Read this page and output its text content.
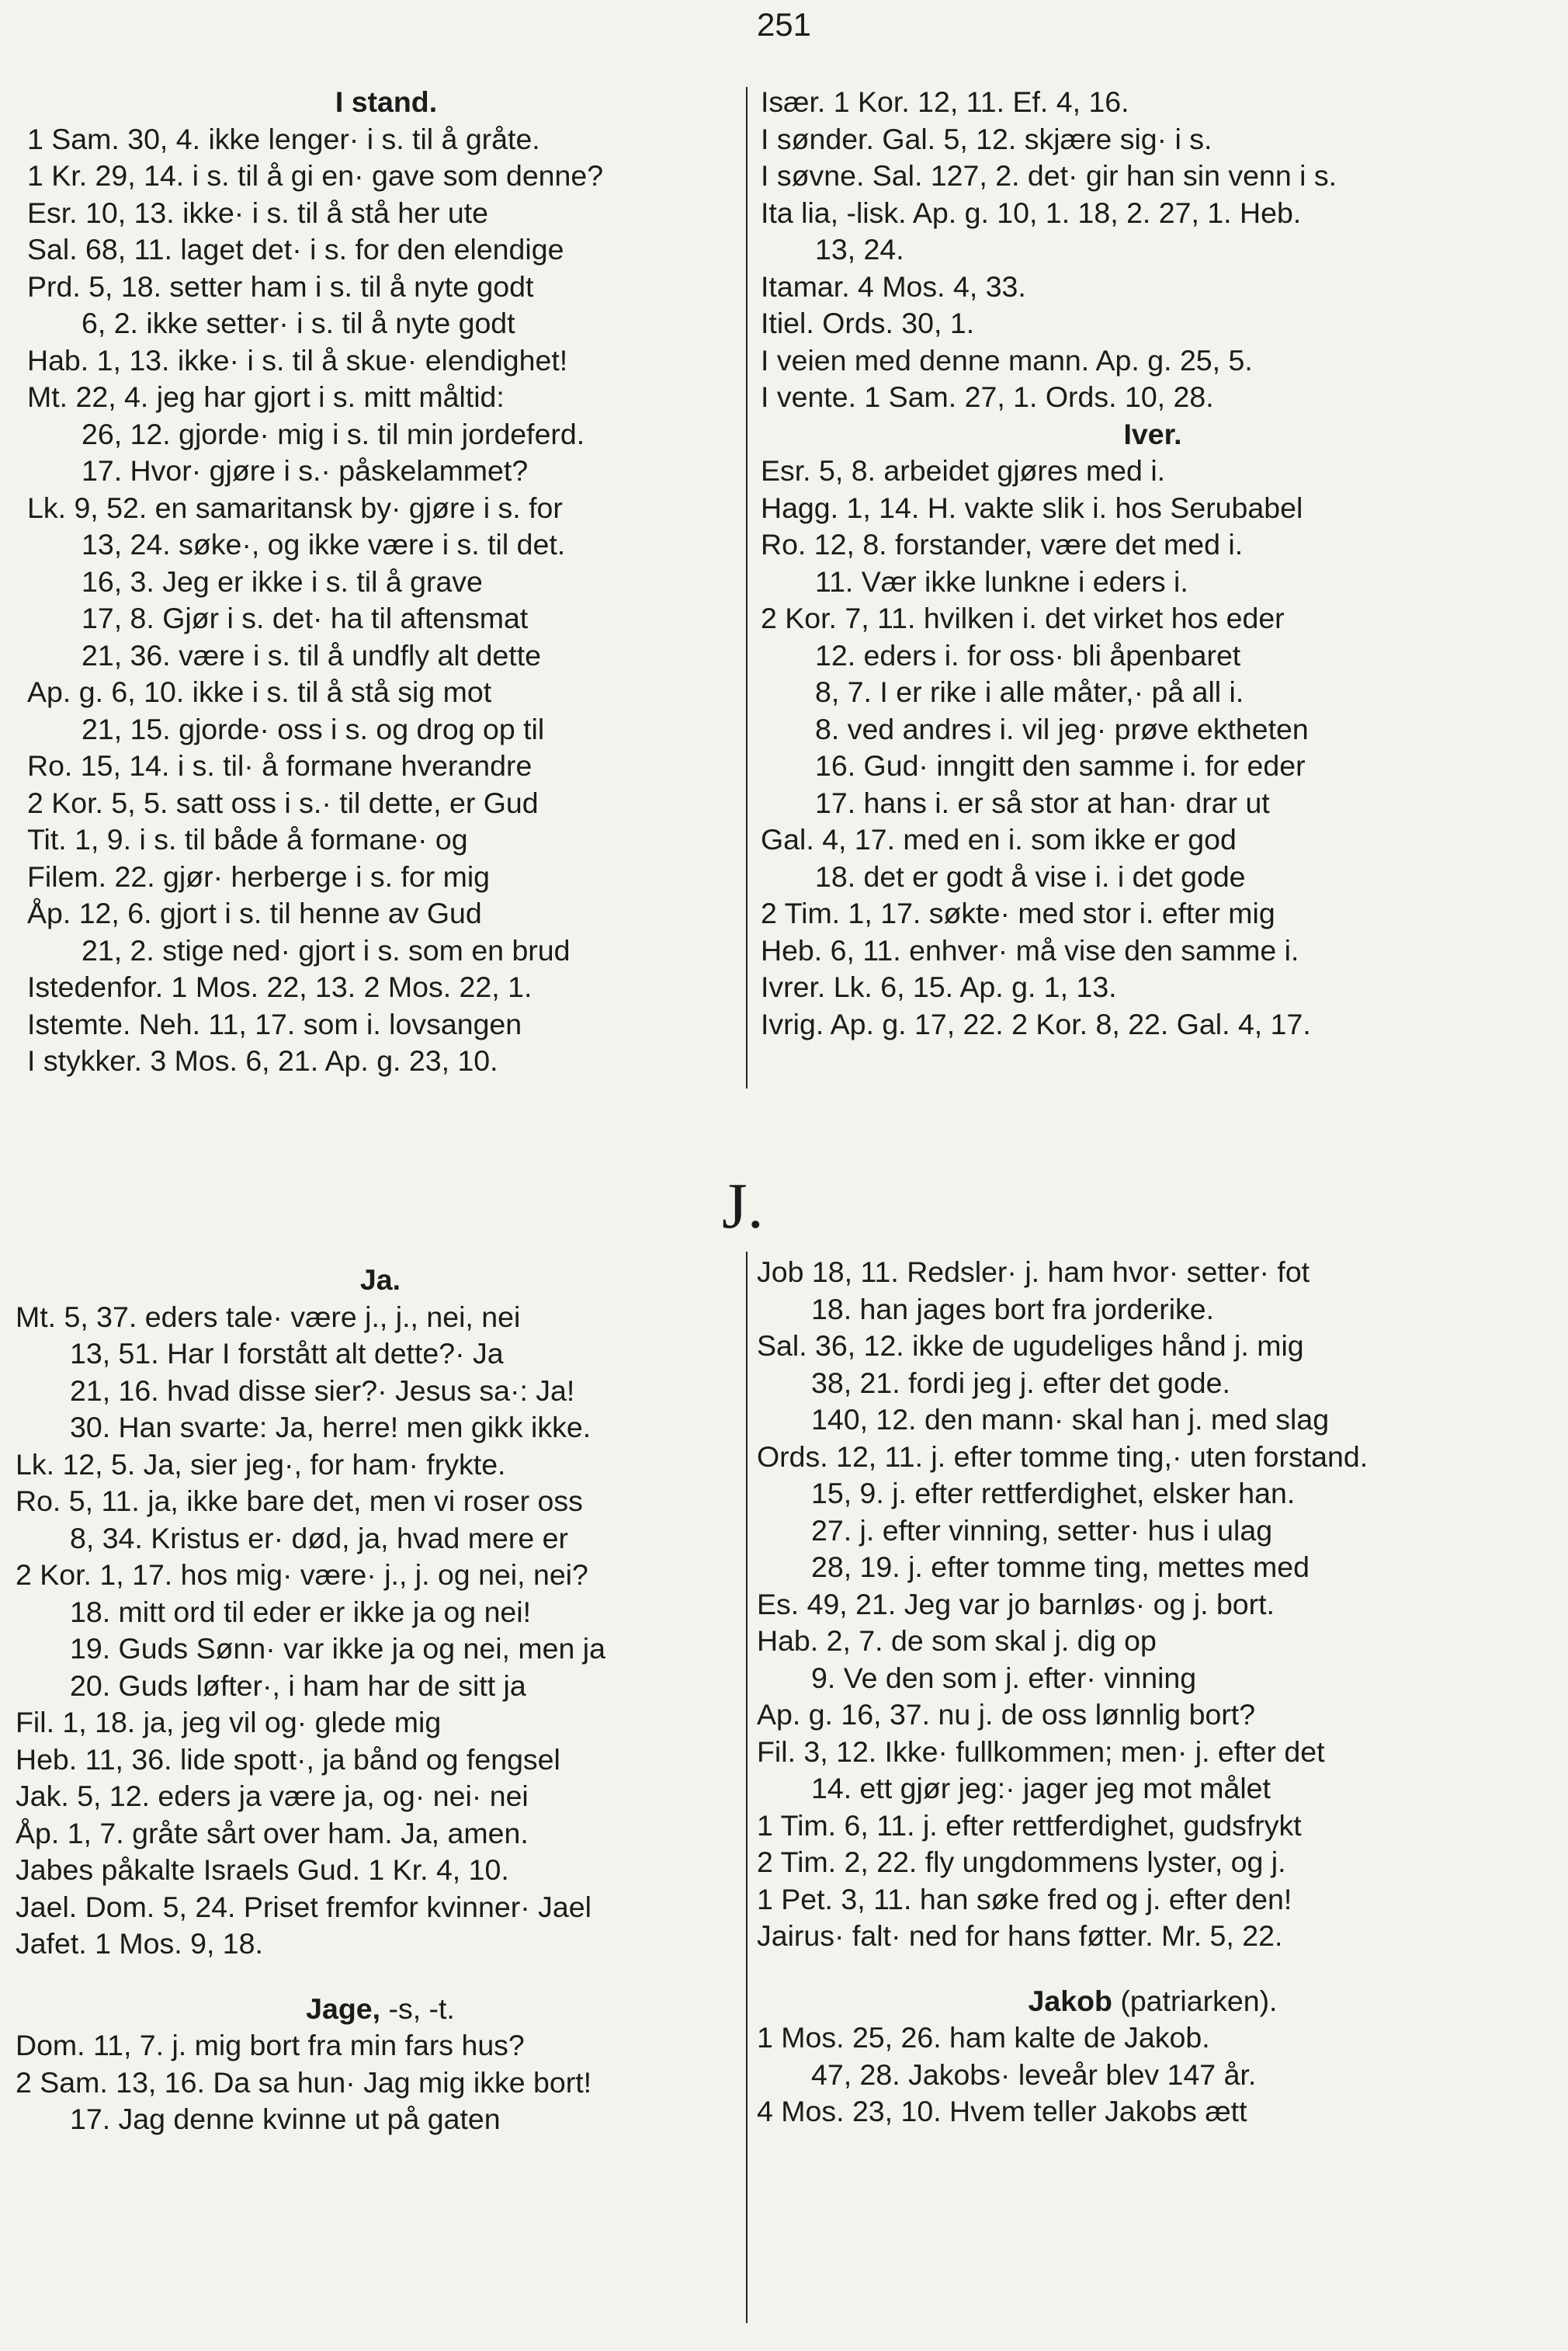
251
I stand.
1 Sam. 30, 4. ikke lenger· i s. til å gråte.
1 Kr. 29, 14. i s. til å gi en· gave som denne?
Esr. 10, 13. ikke· i s. til å stå her ute
Sal. 68, 11. laget det· i s. for den elendige
Prd. 5, 18. setter ham i s. til å nyte godt
6, 2. ikke setter· i s. til å nyte godt
Hab. 1, 13. ikke· i s. til å skue· elendighet!
Mt. 22, 4. jeg har gjort i s. mitt måltid:
26, 12. gjorde· mig i s. til min jordeferd.
17. Hvor· gjøre i s.· påskelammet?
Lk. 9, 52. en samaritansk by· gjøre i s. for
13, 24. søke·, og ikke være i s. til det.
16, 3. Jeg er ikke i s. til å grave
17, 8. Gjør i s. det· ha til aftensmat
21, 36. være i s. til å undfly alt dette
Ap. g. 6, 10. ikke i s. til å stå sig mot
21, 15. gjorde· oss i s. og drog op til
Ro. 15, 14. i s. til· å formane hverandre
2 Kor. 5, 5. satt oss i s.· til dette, er Gud
Tit. 1, 9. i s. til både å formane· og
Filem. 22. gjør· herberge i s. for mig
Åp. 12, 6. gjort i s. til henne av Gud
21, 2. stige ned· gjort i s. som en brud
Istedenfor. 1 Mos. 22, 13. 2 Mos. 22, 1.
Istemte. Neh. 11, 17. som i. lovsangen
I stykker. 3 Mos. 6, 21. Ap. g. 23, 10.
Især. 1 Kor. 12, 11. Ef. 4, 16.
I sønder. Gal. 5, 12. skjære sig· i s.
I søvne. Sal. 127, 2. det· gir han sin venn i s.
Ita lia, -lisk. Ap. g. 10, 1. 18, 2. 27, 1. Heb.
13, 24.
Itamar. 4 Mos. 4, 33.
Itiel. Ords. 30, 1.
I veien med denne mann. Ap. g. 25, 5.
I vente. 1 Sam. 27, 1. Ords. 10, 28.
Iver.
Esr. 5, 8. arbeidet gjøres med i.
Hagg. 1, 14. H. vakte slik i. hos Serubabel
Ro. 12, 8. forstander, være det med i.
11. Vær ikke lunkne i eders i.
2 Kor. 7, 11. hvilken i. det virket hos eder
12. eders i. for oss· bli åpenbaret
8, 7. I er rike i alle måter,· på all i.
8. ved andres i. vil jeg· prøve ektheten
16. Gud· inngitt den samme i. for eder
17. hans i. er så stor at han· drar ut
Gal. 4, 17. med en i. som ikke er god
18. det er godt å vise i. i det gode
2 Tim. 1, 17. søkte· med stor i. efter mig
Heb. 6, 11. enhver· må vise den samme i.
Ivrer. Lk. 6, 15. Ap. g. 1, 13.
Ivrig. Ap. g. 17, 22. 2 Kor. 8, 22. Gal. 4, 17.
J.
Ja.
Mt. 5, 37. eders tale· være j., j., nei, nei
13, 51. Har I forstått alt dette?· Ja
21, 16. hvad disse sier?· Jesus sa·: Ja!
30. Han svarte: Ja, herre! men gikk ikke.
Lk. 12, 5. Ja, sier jeg·, for ham· frykte.
Ro. 5, 11. ja, ikke bare det, men vi roser oss
8, 34. Kristus er· død, ja, hvad mere er
2 Kor. 1, 17. hos mig· være· j., j. og nei, nei?
18. mitt ord til eder er ikke ja og nei!
19. Guds Sønn· var ikke ja og nei, men ja
20. Guds løfter·, i ham har de sitt ja
Fil. 1, 18. ja, jeg vil og· glede mig
Heb. 11, 36. lide spott·, ja bånd og fengsel
Jak. 5, 12. eders ja være ja, og· nei· nei
Åp. 1, 7. gråte sårt over ham. Ja, amen.
Jabes påkalte Israels Gud. 1 Kr. 4, 10.
Jael. Dom. 5, 24. Priset fremfor kvinner· Jael
Jafet. 1 Mos. 9, 18.
Jage, -s, -t.
Dom. 11, 7. j. mig bort fra min fars hus?
2 Sam. 13, 16. Da sa hun· Jag mig ikke bort!
17. Jag denne kvinne ut på gaten
Job 18, 11. Redsler· j. ham hvor· setter· fot
18. han jages bort fra jorderike.
Sal. 36, 12. ikke de ugudeliges hånd j. mig
38, 21. fordi jeg j. efter det gode.
140, 12. den mann· skal han j. med slag
Ords. 12, 11. j. efter tomme ting,· uten forstand.
15, 9. j. efter rettferdighet, elsker han.
27. j. efter vinning, setter· hus i ulag
28, 19. j. efter tomme ting, mettes med
Es. 49, 21. Jeg var jo barnløs· og j. bort.
Hab. 2, 7. de som skal j. dig op
9. Ve den som j. efter· vinning
Ap. g. 16, 37. nu j. de oss lønnlig bort?
Fil. 3, 12. Ikke· fullkommen; men· j. efter det
14. ett gjør jeg:· jager jeg mot målet
1 Tim. 6, 11. j. efter rettferdighet, gudsfrykt
2 Tim. 2, 22. fly ungdommens lyster, og j.
1 Pet. 3, 11. han søke fred og j. efter den!
Jairus· falt· ned for hans føtter. Mr. 5, 22.
Jakob (patriarken).
1 Mos. 25, 26. ham kalte de Jakob.
47, 28. Jakobs· leveår blev 147 år.
4 Mos. 23, 10. Hvem teller Jakobs ætt
